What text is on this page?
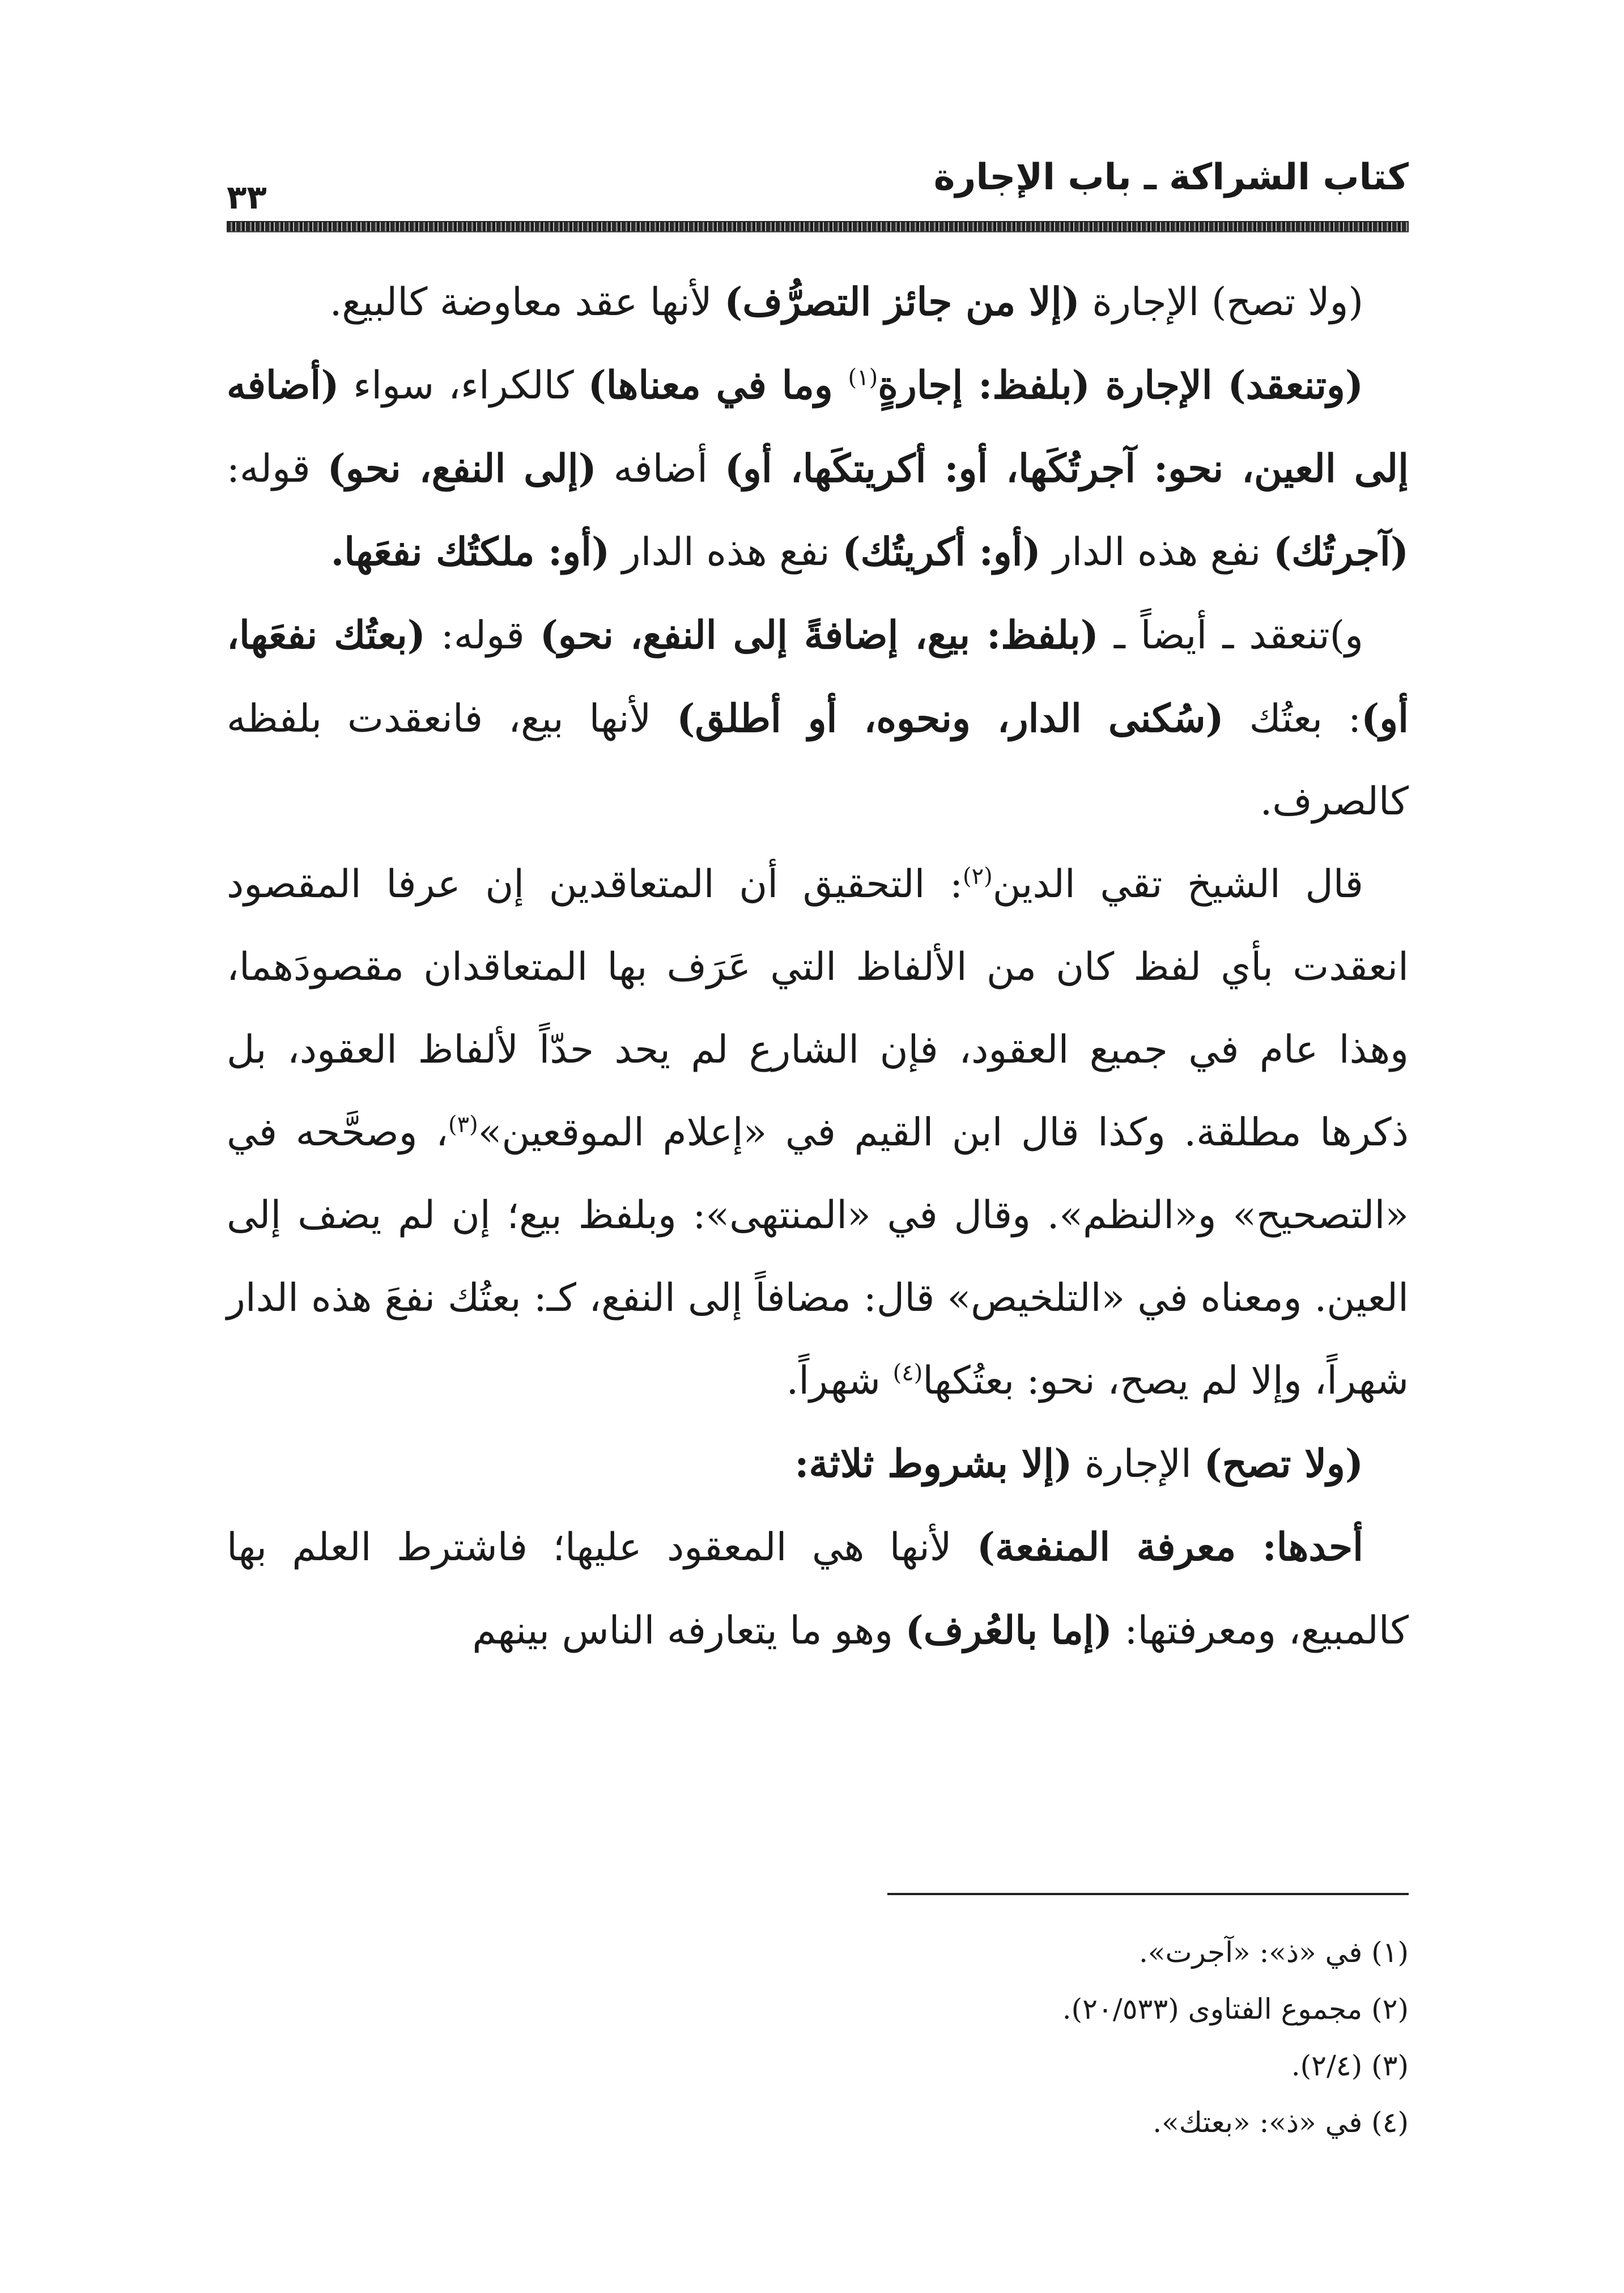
كتاب الشراكة ـ باب الإجارة
٣٣

(ولا تصح) الإجارة (إلا من جائز التصرُّف) لأنها عقد معاوضة كالبيع.

(وتنعقد) الإجارة (بلفظ: إجارةٍ$^{(١)}$ وما في معناها) كالكراء، سواء (أضافه إلى العين، نحو: آجرتُكَها، أو: أكريتكَها، أو) أضافه (إلى النفع، نحو) قوله: (آجرتُك) نفع هذه الدار (أو: أكريتُك) نفع هذه الدار (أو: ملكتُك نفعَها.

و)تنعقد ـ أيضاً ـ (بلفظ: بيع، إضافةً إلى النفع، نحو) قوله: (بعتُك نفعَها، أو): بعتُك (سُكنى الدار، ونحوه، أو أطلق) لأنها بيع، فانعقدت بلفظه كالصرف.

قال الشيخ تقي الدين$^{(٢)}$: التحقيق أن المتعاقدين إن عرفا المقصود انعقدت بأي لفظ كان من الألفاظ التي عَرَف بها المتعاقدان مقصودَهما، وهذا عام في جميع العقود، فإن الشارع لم يحد حدّاً لألفاظ العقود، بل ذكرها مطلقة. وكذا قال ابن القيم في «إعلام الموقعين»$^{(٣)}$، وصحَّحه في «التصحيح» و«النظم». وقال في «المنتهى»: وبلفظ بيع؛ إن لم يضف إلى العين. ومعناه في «التلخيص» قال: مضافاً إلى النفع، كـ: بعتُك نفعَ هذه الدار شهراً، وإلا لم يصح، نحو: بعتُكها$^{(٤)}$ شهراً.

(ولا تصح) الإجارة (إلا بشروط ثلاثة:

أحدها: معرفة المنفعة) لأنها هي المعقود عليها؛ فاشترط العلم بها كالمبيع، ومعرفتها: (إما بالعُرف) وهو ما يتعارفه الناس بينهم

(١) في «ذ»: «آجرت».
(٢) مجموع الفتاوى (٢٠/٥٣٣).
(٣) (٢/٤).
(٤) في «ذ»: «بعتك».
